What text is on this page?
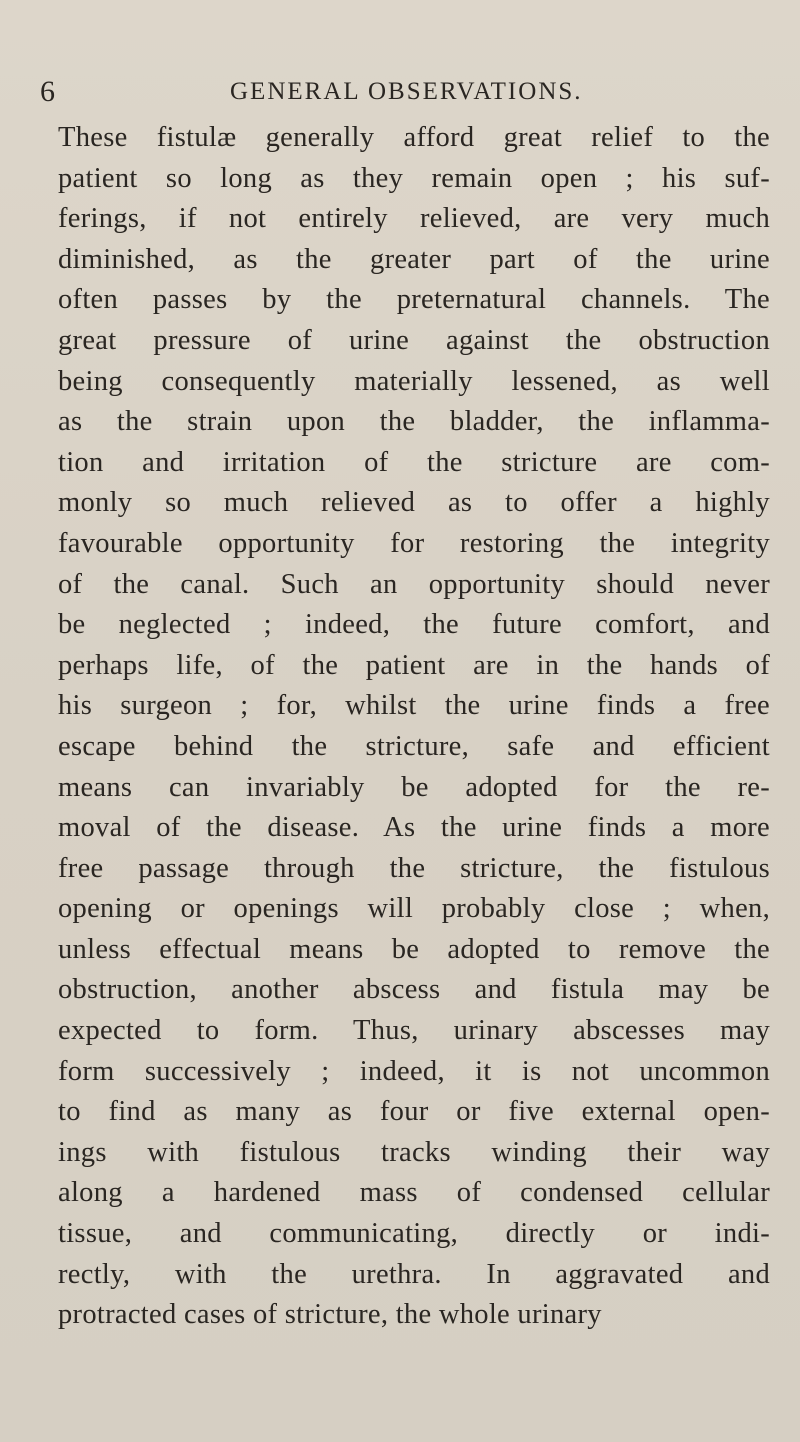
6	GENERAL OBSERVATIONS.
These fistulæ generally afford great relief to the
patient so long as they remain open ; his suf-
ferings, if not entirely relieved, are very much
diminished, as the greater part of the urine
often passes by the preternatural channels. The
great pressure of urine against the obstruction
being consequently materially lessened, as well
as the strain upon the bladder, the inflamma-
tion and irritation of the stricture are com-
monly so much relieved as to offer a highly
favourable opportunity for restoring the integrity
of the canal. Such an opportunity should never
be neglected ; indeed, the future comfort, and
perhaps life, of the patient are in the hands of
his surgeon ; for, whilst the urine finds a free
escape behind the stricture, safe and efficient
means can invariably be adopted for the re-
moval of the disease. As the urine finds a more
free passage through the stricture, the fistulous
opening or openings will probably close ; when,
unless effectual means be adopted to remove the
obstruction, another abscess and fistula may be
expected to form. Thus, urinary abscesses may
form successively ; indeed, it is not uncommon
to find as many as four or five external open-
ings with fistulous tracks winding their way
along a hardened mass of condensed cellular
tissue, and communicating, directly or indi-
rectly, with the urethra. In aggravated and
protracted cases of stricture, the whole urinary
